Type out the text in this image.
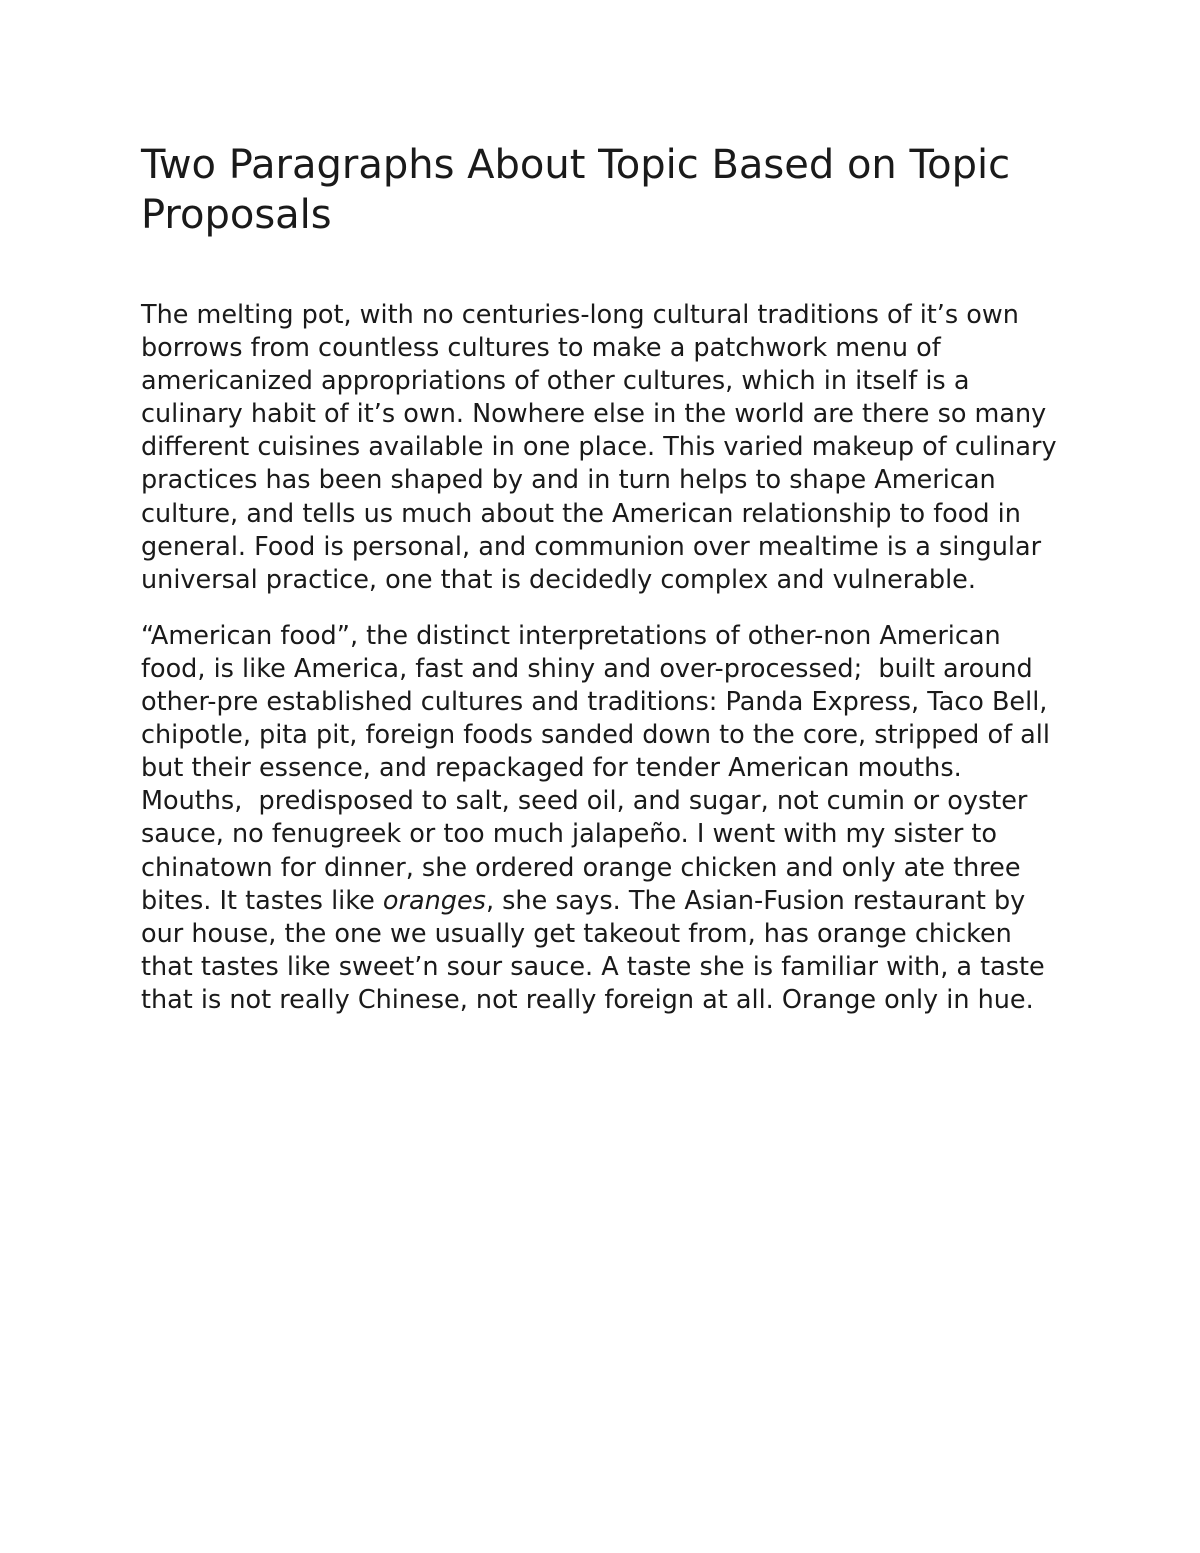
Two Paragraphs About Topic Based on Topic Proposals

The melting pot, with no centuries-long cultural traditions of it’s own borrows from countless cultures to make a patchwork menu of americanized appropriations of other cultures, which in itself is a culinary habit of it’s own. Nowhere else in the world are there so many different cuisines available in one place. This varied makeup of culinary practices has been shaped by and in turn helps to shape American culture, and tells us much about the American relationship to food in general. Food is personal, and communion over mealtime is a singular universal practice, one that is decidedly complex and vulnerable.

“American food”, the distinct interpretations of other-non American food, is like America, fast and shiny and over-processed;  built around other-pre established cultures and traditions: Panda Express, Taco Bell, chipotle, pita pit, foreign foods sanded down to the core, stripped of all but their essence, and repackaged for tender American mouths. Mouths,  predisposed to salt, seed oil, and sugar, not cumin or oyster sauce, no fenugreek or too much jalapeño. I went with my sister to chinatown for dinner, she ordered orange chicken and only ate three bites. It tastes like oranges, she says. The Asian-Fusion restaurant by our house, the one we usually get takeout from, has orange chicken that tastes like sweet’n sour sauce. A taste she is familiar with, a taste that is not really Chinese, not really foreign at all. Orange only in hue.
